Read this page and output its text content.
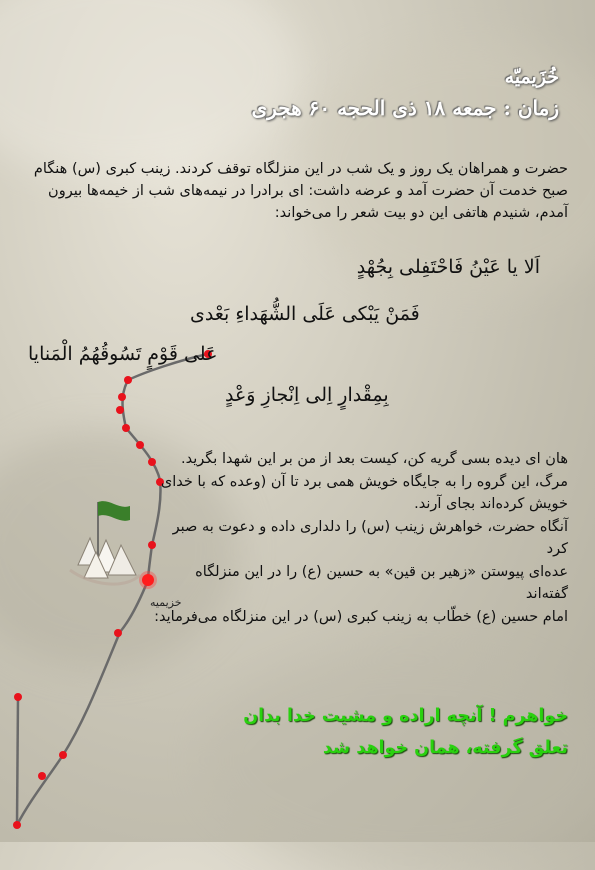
خزیمیه
خُزَیمیّه
زمان : جمعه ۱۸ ذی الحجه ۶۰ هجری

حضرت و همراهان یک روز و یک شب در این منزلگاه توقف کردند. زینب کبری (س) هنگام صبح خدمت آن حضرت آمد و عرضه داشت: ای برادرا در نیمه‌های شب از خیمه‌ها بیرون آمدم، شنیدم هاتفی این دو بیت شعر را می‌خواند:

اَلا یا عَیْنُ فَاحْتَفِلی بِجُهْدٍ

فَمَنْ یَبْکی عَلَی الشُّهَداءِ بَعْدی

عَلی قَوْمٍ تَسُوقُهُمُ الْمَنایا

بِمِقْدارٍ اِلی اِنْجازِ وَعْدٍ

هان ای دیده بسی گریه کن، کیست بعد از من بر این شهدا بگرید. مرگ، این گروه را به جایگاه خویش همی برد تا آن (وعده که با خدای خویش کرده‌اند بجای آرند.
آنگاه حضرت، خواهرش زینب (س) را دلداری داده و دعوت به صبر کرد
عده‌ای پیوستن «زهیر بن قین» به حسین (ع) را در این منزلگاه گفته‌اند
امام حسین (ع) خطّاب به زینب کبری (س) در این منزلگاه می‌فرماید:

خواهرم ! آنچه اراده و مشیت خدا بدان تعلق گرفته، همان خواهد شد
